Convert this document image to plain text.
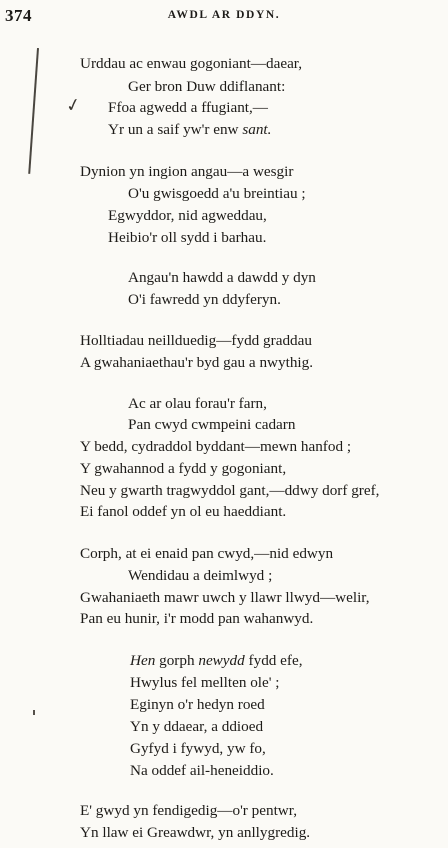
374	AWDL AR DDYN.
✓
Urddau ac enwau gogoniant—daear,
Ger bron Duw ddiflanant:
Ffoa agwedd a ffugiant,—
Yr un a saif yw'r enw sant.
Dynion yn ingion angau—a wesgir
O'u gwisgoedd a'u breintiau ;
Egwyddor, nid agweddau,
Heibio'r oll sydd i barhau.
Angau'n hawdd a dawdd y dyn
O'i fawredd yn ddyferyn.
Holltiadau neillduedig—fydd graddau
A gwahaniaethau'r byd gau a nwythig.
Ac ar olau forau'r farn,
Pan cwyd cwmpeini cadarn
Y bedd, cydraddol byddant—mewn hanfod ;
Y gwahannod a fydd y gogoniant,
Neu y gwarth tragwyddol gant,—ddwy dorf gref,
Ei fanol oddef yn ol eu haeddiant.
Corph, at ei enaid pan cwyd,—nid edwyn
Wendidau a deimlwyd ;
Gwahaniaeth mawr uwch y llawr llwyd—welir,
Pan eu hunir, i'r modd pan wahanwyd.
Hen gorph newydd fydd efe,
Hwylus fel mellten ole' ;
Eginyn o'r hedyn roed
Yn y ddaear, a ddioed
Gyfyd i fywyd, yw fo,
Na oddef ail-heneiddio.
E' gwyd yn fendigedig—o'r pentwr,
Yn llaw ei Greawdwr, yn anllygredig.
